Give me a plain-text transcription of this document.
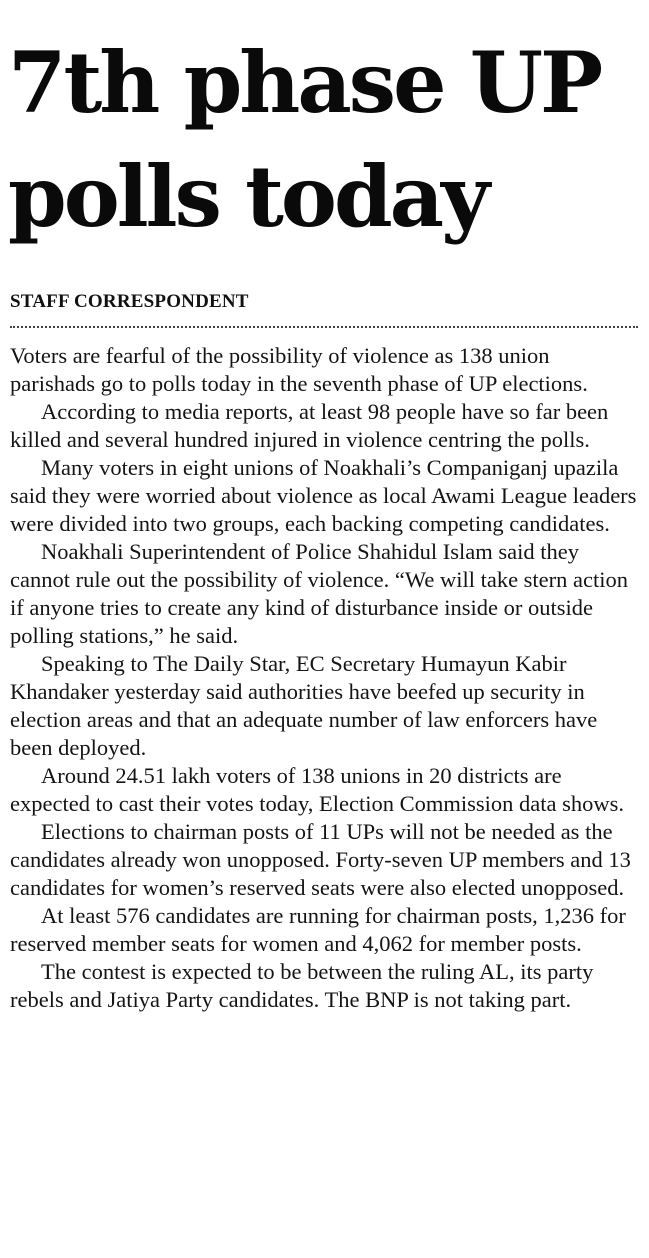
7th phase UP
polls today
STAFF CORRESPONDENT

Voters are fearful of the possibility of violence as 138 union parishads go to polls today in the seventh phase of UP elections.

According to media reports, at least 98 people have so far been killed and several hundred injured in violence centring the polls.

Many voters in eight unions of Noakhali’s Companiganj upazila said they were worried about violence as local Awami League leaders were divided into two groups, each backing competing candidates.

Noakhali Superintendent of Police Shahidul Islam said they cannot rule out the possibility of violence. “We will take stern action if anyone tries to create any kind of disturbance inside or outside polling stations,” he said.

Speaking to The Daily Star, EC Secretary Humayun Kabir Khandaker yesterday said authorities have beefed up security in election areas and that an adequate number of law enforcers have been deployed.

Around 24.51 lakh voters of 138 unions in 20 districts are expected to cast their votes today, Election Commission data shows.

Elections to chairman posts of 11 UPs will not be needed as the candidates already won unopposed. Forty-seven UP members and 13 candidates for women’s reserved seats were also elected unopposed.

At least 576 candidates are running for chairman posts, 1,236 for reserved member seats for women and 4,062 for member posts.

The contest is expected to be between the ruling AL, its party rebels and Jatiya Party candidates. The BNP is not taking part.
